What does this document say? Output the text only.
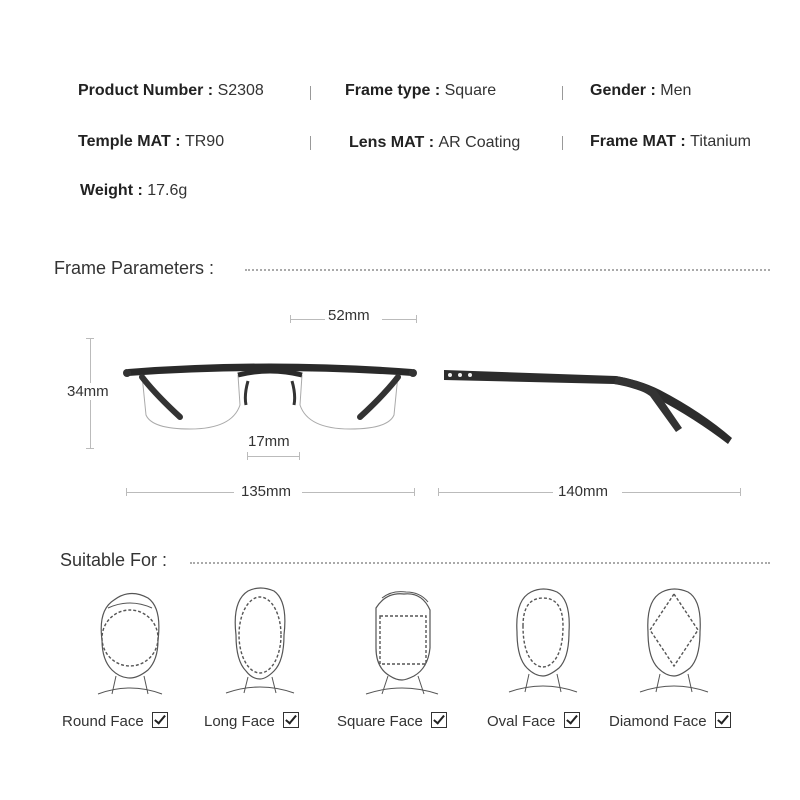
Product Number : S2308	Frame type : Square	Gender : Men
Temple MAT : TR90	Lens MAT : AR Coating	Frame MAT : Titanium
Weight : 17.6g
Frame Parameters :
52mm
34mm
17mm
135mm	140mm
Suitable For :
Round Face	Long Face	Square Face	Oval Face	Diamond Face
